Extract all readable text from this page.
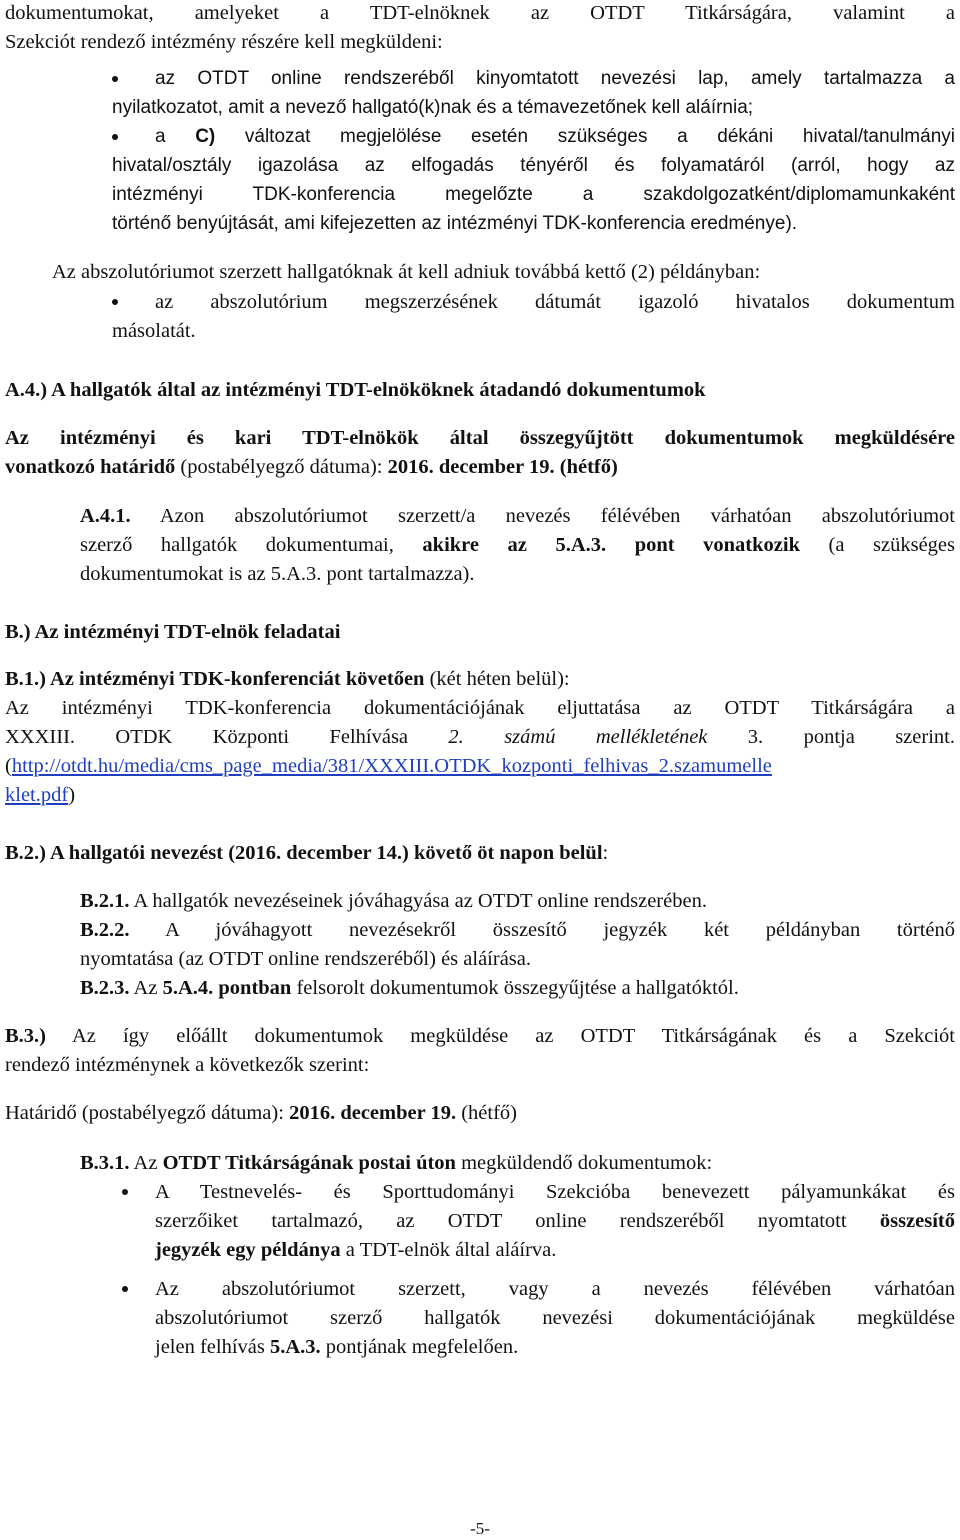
dokumentumokat, amelyeket a TDT-elnöknek az OTDT Titkárságára, valamint a

Szekciót rendező intézmény részére kell megküldeni:

az OTDT online rendszeréből kinyomtatott nevezési lap, amely tartalmazza a

nyilatkozatot, amit a nevező hallgató(k)nak és a témavezetőnek kell aláírnia;

a C) változat megjelölése esetén szükséges a dékáni hivatal/tanulmányi

hivatal/osztály igazolása az elfogadás tényéről és folyamatáról (arról, hogy az

intézményi TDK-konferencia megelőzte a szakdolgozatként/diplomamunkaként

történő benyújtását, ami kifejezetten az intézményi TDK-konferencia eredménye).

Az abszolutóriumot szerzett hallgatóknak át kell adniuk továbbá kettő (2) példányban:

az abszolutórium megszerzésének dátumát igazoló hivatalos dokumentum

másolatát.

A.4.) A hallgatók által az intézményi TDT-elnököknek átadandó dokumentumok

Az intézményi és kari TDT-elnökök által összegyűjtött dokumentumok megküldésére

vonatkozó határidő (postabélyegző dátuma): 2016. december 19. (hétfő)

A.4.1. Azon abszolutóriumot szerzett/a nevezés félévében várhatóan abszolutóriumot

szerző hallgatók dokumentumai, akikre az 5.A.3. pont vonatkozik (a szükséges

dokumentumokat is az 5.A.3. pont tartalmazza).

B.) Az intézményi TDT-elnök feladatai

B.1.) Az intézményi TDK-konferenciát követően (két héten belül):

Az intézményi TDK-konferencia dokumentációjának eljuttatása az OTDT Titkárságára a

XXXIII. OTDK Központi Felhívása 2. számú mellékletének 3. pontja szerint.

(http://otdt.hu/media/cms_page_media/381/XXXIII.OTDK_kozponti_felhivas_2.szamumelle

klet.pdf)

B.2.) A hallgatói nevezést (2016. december 14.) követő öt napon belül:

B.2.1. A hallgatók nevezéseinek jóváhagyása az OTDT online rendszerében.

B.2.2. A jóváhagyott nevezésekről összesítő jegyzék két példányban történő

nyomtatása (az OTDT online rendszeréből) és aláírása.

B.2.3. Az 5.A.4. pontban felsorolt dokumentumok összegyűjtése a hallgatóktól.

B.3.) Az így előállt dokumentumok megküldése az OTDT Titkárságának és a Szekciót

rendező intézménynek a következők szerint:

Határidő (postabélyegző dátuma): 2016. december 19. (hétfő)

B.3.1. Az OTDT Titkárságának postai úton megküldendő dokumentumok:

A Testnevelés- és Sporttudományi Szekcióba benevezett pályamunkákat és

szerzőiket tartalmazó, az OTDT online rendszeréből nyomtatott összesítő

jegyzék egy példánya a TDT-elnök által aláírva.

Az abszolutóriumot szerzett, vagy a nevezés félévében várhatóan

abszolutóriumot szerző hallgatók nevezési dokumentációjának megküldése

jelen felhívás 5.A.3. pontjának megfelelően.

-5-
